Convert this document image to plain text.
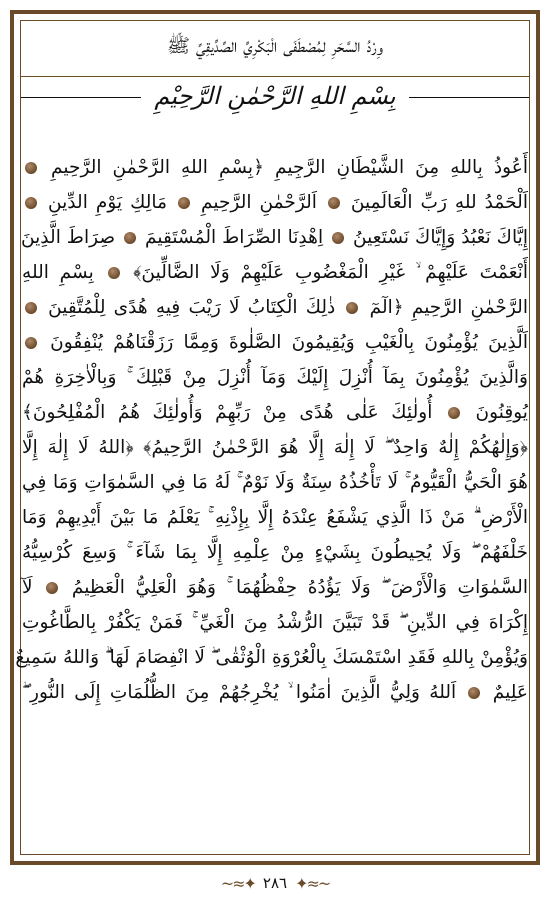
وِرْدُ السَّحَرِ لِمُصْطَفَى الْبَكْرِيِّ الصِّدِّيقِيِّ ﷺ
بِسْمِ اللهِ الرَّحْمٰنِ الرَّحِيْمِ
أَعُوذُ بِاللهِ مِنَ الشَّيْطَانِ الرَّجِيمِ ﴿بِسْمِ اللهِ الرَّحْمٰنِ الرَّحِيمِ
اَلْحَمْدُ للهِ رَبِّ الْعَالَمِينَ  اَلرَّحْمٰنِ الرَّحِيمِ  مَالِكِ يَوْمِ الدِّينِ
إِيَّاكَ نَعْبُدُ وَإِيَّاكَ نَسْتَعِينُ  اِهْدِنَا الصِّرَاطَ الْمُسْتَقِيمَ  صِرَاطَ الَّذِينَ
أَنْعَمْتَ عَلَيْهِمْ ۙ غَيْرِ الْمَغْضُوبِ عَلَيْهِمْ وَلَا الضَّالِّينَ﴾  بِسْمِ اللهِ
الرَّحْمٰنِ الرَّحِيمِ ﴿الٓمٓ  ذٰلِكَ الْكِتَابُ لَا رَيْبَ فِيهِ هُدًى لِلْمُتَّقِينَ
اَلَّذِينَ يُؤْمِنُونَ بِالْغَيْبِ وَيُقِيمُونَ الصَّلٰوةَ وَمِمَّا رَزَقْنَاهُمْ يُنْفِقُونَ
وَالَّذِينَ يُؤْمِنُونَ بِمَآ أُنْزِلَ إِلَيْكَ وَمَآ أُنْزِلَ مِنْ قَبْلِكَ ۚ وَبِالْاٰخِرَةِ هُمْ
يُوقِنُونَ  أُولٰئِكَ عَلٰى هُدًى مِنْ رَبِّهِمْ وَأُولٰئِكَ هُمُ الْمُفْلِحُونَ﴾
﴿وَإِلٰهُكُمْ إِلٰهٌ وَاحِدٌ ۖ لَا إِلٰهَ إِلَّا هُوَ الرَّحْمٰنُ الرَّحِيمُ﴾ ﴿اللهُ لَا إِلٰهَ إِلَّا
هُوَ الْحَيُّ الْقَيُّومُ ۚ لَا تَأْخُذُهُ سِنَةٌ وَلَا نَوْمٌ ۚ لَهُ مَا فِي السَّمٰوَاتِ وَمَا فِي
الْأَرْضِ ۗ مَنْ ذَا الَّذِي يَشْفَعُ عِنْدَهُ إِلَّا بِإِذْنِهِ ۚ يَعْلَمُ مَا بَيْنَ أَيْدِيهِمْ وَمَا
خَلْفَهُمْ ۖ وَلَا يُحِيطُونَ بِشَيْءٍ مِنْ عِلْمِهِ إِلَّا بِمَا شَآءَ ۚ وَسِعَ كُرْسِيُّهُ
السَّمٰوَاتِ وَالْأَرْضَ ۖ وَلَا يَؤُدُهُ حِفْظُهُمَا ۚ وَهُوَ الْعَلِيُّ الْعَظِيمُ  لَآ
إِكْرَاهَ فِي الدِّينِ ۖ قَدْ تَبَيَّنَ الرُّشْدُ مِنَ الْغَيِّ ۚ فَمَنْ يَكْفُرْ بِالطَّاغُوتِ
وَيُؤْمِنْ بِاللهِ فَقَدِ اسْتَمْسَكَ بِالْعُرْوَةِ الْوُثْقٰى ۖ لَا انْفِصَامَ لَهَا ۗ وَاللهُ سَمِيعٌ
عَلِيمٌ  اَللهُ وَلِيُّ الَّذِينَ اٰمَنُوا ۙ يُخْرِجُهُمْ مِنَ الظُّلُمَاتِ إِلَى النُّورِ ۖ
~≈✦ ٢٨٦ ✦≈~
